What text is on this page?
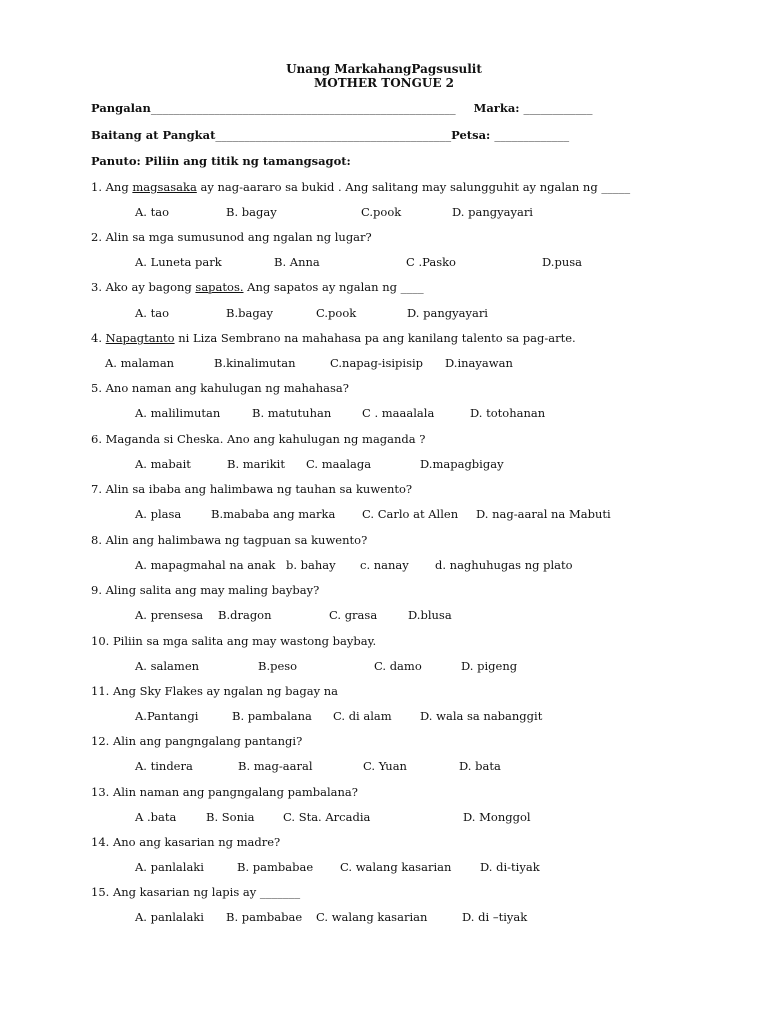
Unang MarkahangPagsusulit
MOTHER TONGUE 2
Pangalan_____________________________________________________ Marka: ____________
Baitang at Pangkat_________________________________________Petsa: _____________
Panuto: Piliin ang titik ng tamangsagot:
1. Ang magsasaka ay nag-aararo sa bukid . Ang salitang may salungguhit ay ngalan ng _____
A. tao	B. bagay	C.pook	D. pangyayari
2. Alin sa mga sumusunod ang ngalan ng lugar?
A. Luneta park	B. Anna	C .Pasko	D.pusa
3. Ako ay bagong sapatos. Ang sapatos ay ngalan ng ____
A. tao	B.bagay	C.pook	D. pangyayari
4. Napagtanto ni Liza Sembrano na mahahasa pa ang kanilang talento sa pag-arte.
A. malaman	B.kinalimutan	C.napag-isipisip D.inayawan
5. Ano naman ang kahulugan ng mahahasa?
A. malilimutan	B. matutuhan	C . maaalala	D. totohanan
6. Maganda si Cheska. Ano ang kahulugan ng maganda ?
A. mabait	B. marikit C. maalaga	D.mapagbigay
7. Alin sa ibaba ang halimbawa ng tauhan sa kuwento?
A. plasa	B.mababa ang marka C. Carlo at Allen D. nag-aaral na Mabuti
8. Alin ang halimbawa ng tagpuan sa kuwento?
A. mapagmahal na anak b. bahay c. nanay d. naghuhugas ng plato
9. Aling salita ang may maling baybay?
A. prensesa B.dragon	C. grasa	D.blusa
10. Piliin sa mga salita ang may wastong baybay.
A. salamen	B.peso	C. damo	D. pigeng
11. Ang Sky Flakes ay ngalan ng bagay na
A.Pantangi	B. pambalana C. di alam D. wala sa nabanggit
12. Alin ang pangngalang pantangi?
A. tindera	B. mag-aaral	C. Yuan	D. bata
13. Alin naman ang pangngalang pambalana?
A .bata	B. Sonia C. Sta. Arcadia	D. Monggol
14. Ano ang kasarian ng madre?
A. panlalaki	B. pambabae C. walang kasarian D. di-tiyak
15. Ang kasarian ng lapis ay _______
A. panlalaki B. pambabae C. walang kasarian	D. di –tiyak
